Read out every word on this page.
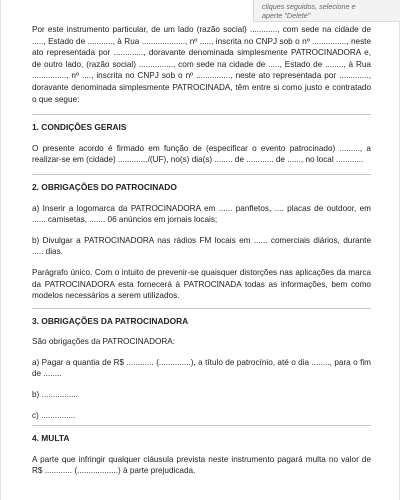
cliques seguidos, selecione e
aperte "Delete"

Por este instrumento particular, de um lado (razão social) ............, com sede na cidade de ....., Estado de ..........., à Rua ..................., nº ....., inscrita no CNPJ sob o nº ..............., neste ato representada por ............., doravante denominada simplesmente PATROCINADORA e, de outro lado, (razão social) ..............., com sede na cidade de ....., Estado de ........, à Rua ..............., nº ...., inscrita no CNPJ sob o nº ..............., neste ato representada por ............., doravante denominada simplesmente PATROCINADA, têm entre si como justo e contratado o que segue:

1. CONDIÇÕES GERAIS

O presente acordo é firmado em função de (especificar o evento patrocinado) ........., a realizar-se em (cidade) ............./(UF), no(s) dia(s) ........ de ............ de ......, no local ............

2. OBRIGAÇÕES DO PATROCINADO

a) Inserir a logomarca da PATROCINADORA em ...... panfletos, .... placas de outdoor, em ...... camisetas, ....... 06 anúncios em jornais locais;

b) Divulgar a PATROCINADORA nas rádios FM locais em ...... comerciais diários, durante ..... dias.

Parágrafo único. Com o intuito de prevenir-se quaisquer distorções nas aplicações da marca da PATROCINADORA esta fornecerá à PATROCINADA todas as informações, bem como modelos necessários a serem utilizados.

3. OBRIGAÇÕES DA PATROCINADORA

São obrigações da PATROCINADORA:

a) Pagar a quantia de R$ ............ (..............), a título de patrocínio, até o dia ........, para o fim de ........

b) ................

c) ...............

4. MULTA

A parte que infringir qualquer cláusula prevista neste instrumento pagará multa no valor de R$ ............ (..................) à parte prejudicada.
